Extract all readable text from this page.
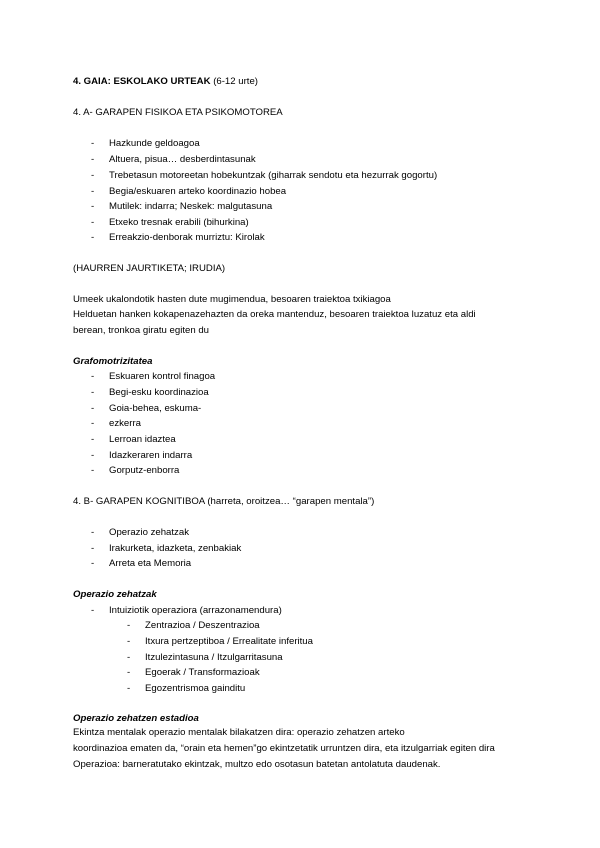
4. GAIA: ESKOLAKO URTEAK (6-12 urte)
4. A- GARAPEN FISIKOA ETA PSIKOMOTOREA
- Hazkunde geldoagoa
- Altuera, pisua… desberdintasunak
- Trebetasun motoreetan hobekuntzak (giharrak sendotu eta hezurrak gogortu)
- Begia/eskuaren arteko koordinazio hobea
- Mutilek: indarra; Neskek: malgutasuna
- Etxeko tresnak erabili (bihurkina)
- Erreakzio-denborak murriztu: Kirolak
(HAURREN JAURTIKETA; IRUDIA)
Umeek ukalondotik hasten dute mugimendua, besoaren traiektoa txikiagoa
Helduetan hanken kokapenazehazten da oreka mantenduz, besoaren traiektoa luzatuz eta aldi
berean, tronkoa giratu egiten du
Grafomotrizitatea
- Eskuaren kontrol finagoa
- Begi-esku koordinazioa
- Goia-behea, eskuma-
- ezkerra
- Lerroan idaztea
- Idazkeraren indarra
- Gorputz-enborra
4. B- GARAPEN KOGNITIBOA (harreta, oroitzea… “garapen mentala”)
- Operazio zehatzak
- Irakurketa, idazketa, zenbakiak
- Arreta eta Memoria
Operazio zehatzak
- Intuiziotik operaziora (arrazonamendura)
- Zentrazioa / Deszentrazioa
- Itxura pertzeptiboa / Errealitate inferitua
- Itzulezintasuna / Itzulgarritasuna
- Egoerak / Transformazioak
- Egozentrismoa gainditu
Operazio zehatzen estadioa
Ekintza mentalak operazio mentalak bilakatzen dira: operazio zehatzen arteko
koordinazioa ematen da, “orain eta hemen”go ekintzetatik urruntzen dira, eta itzulgarriak egiten dira
Operazioa: barneratutako ekintzak, multzo edo osotasun batetan antolatuta daudenak.
